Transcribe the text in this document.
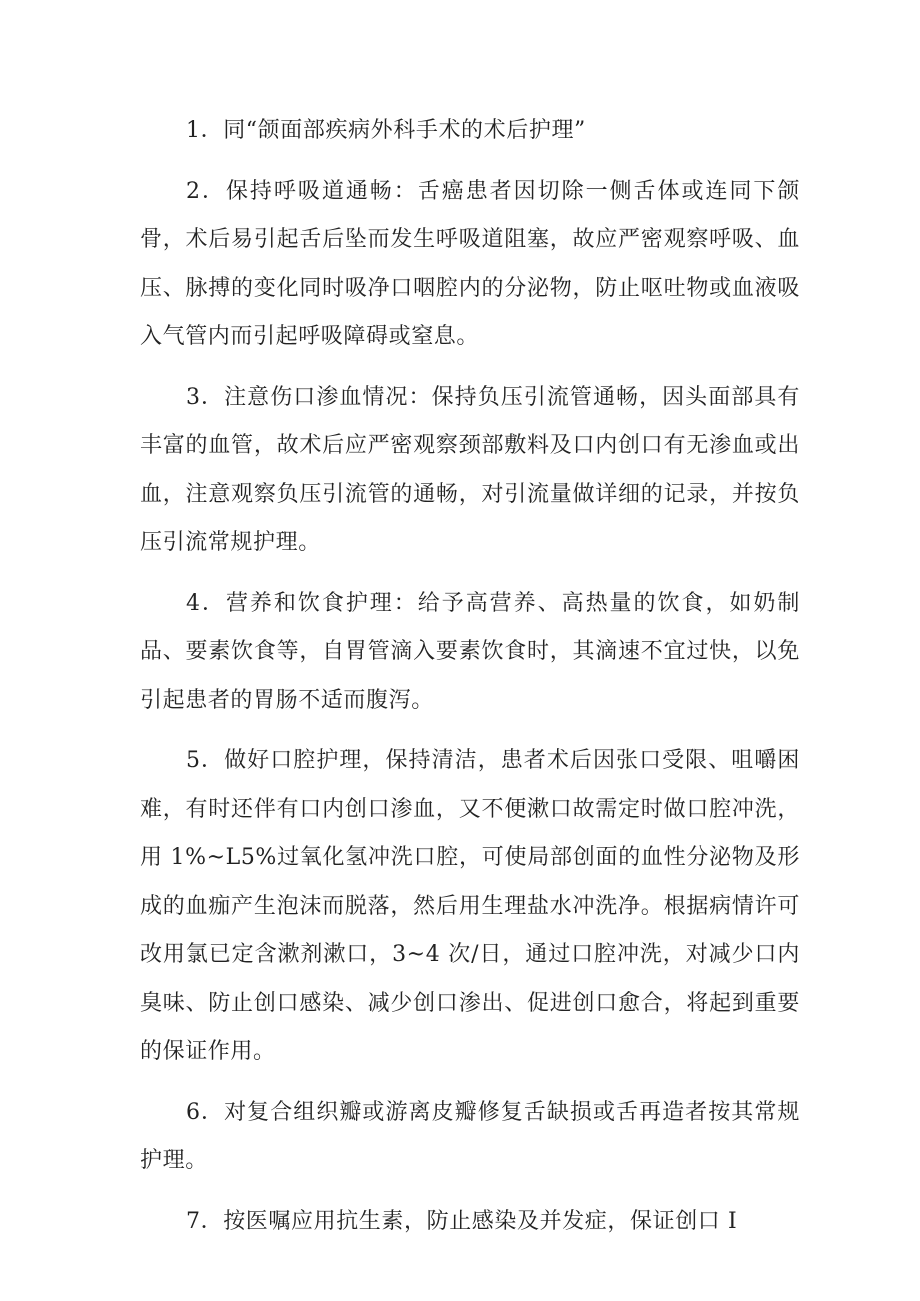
1．同“颌面部疾病外科手术的术后护理”

2．保持呼吸道通畅：舌癌患者因切除一侧舌体或连同下颌骨，术后易引起舌后坠而发生呼吸道阻塞，故应严密观察呼吸、血压、脉搏的变化同时吸净口咽腔内的分泌物，防止呕吐物或血液吸入气管内而引起呼吸障碍或窒息。

3．注意伤口渗血情况：保持负压引流管通畅，因头面部具有丰富的血管，故术后应严密观察颈部敷料及口内创口有无渗血或出血，注意观察负压引流管的通畅，对引流量做详细的记录，并按负压引流常规护理。

4．营养和饮食护理：给予高营养、高热量的饮食，如奶制品、要素饮食等，自胃管滴入要素饮食时，其滴速不宜过快，以免引起患者的胃肠不适而腹泻。

5．做好口腔护理，保持清洁，患者术后因张口受限、咀嚼困难，有时还伴有口内创口渗血，又不便漱口故需定时做口腔冲洗，用 1%~L5%过氧化氢冲洗口腔，可使局部创面的血性分泌物及形成的血痂产生泡沫而脱落，然后用生理盐水冲洗净。根据病情许可改用氯已定含漱剂漱口，3~4 次/日，通过口腔冲洗，对减少口内臭味、防止创口感染、减少创口渗出、促进创口愈合，将起到重要的保证作用。

6．对复合组织瓣或游离皮瓣修复舌缺损或舌再造者按其常规护理。

7．按医嘱应用抗生素，防止感染及并发症，保证创口 I
